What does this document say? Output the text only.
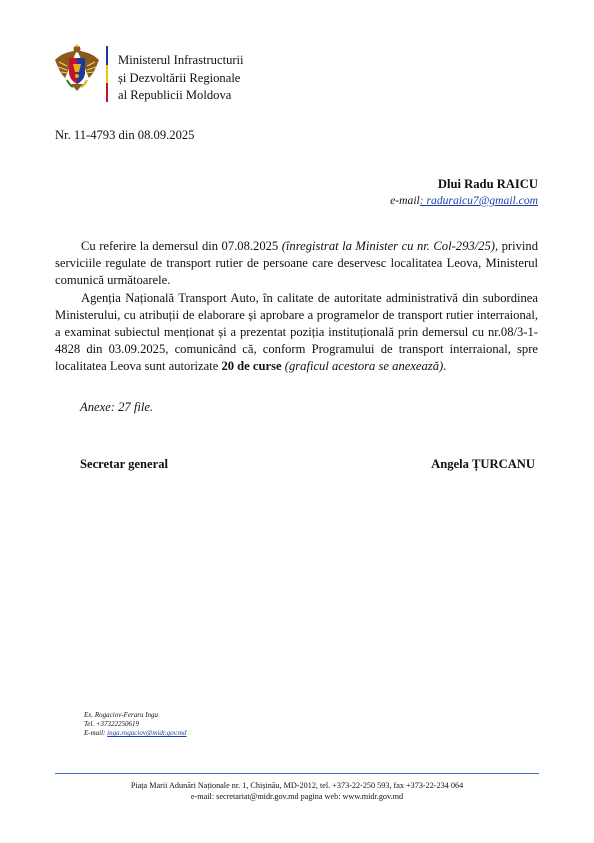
Ministerul Infrastructurii
și Dezvoltării Regionale
al Republicii Moldova
Nr. 11-4793 din 08.09.2025
Dlui Radu RAICU
e-mail: raduraicu7@gmail.com

Cu referire la demersul din 07.08.2025 (înregistrat la Minister cu nr. Col-293/25), privind serviciile regulate de transport rutier de persoane care deservesc localitatea Leova, Ministerul comunică următoarele.

Agenția Națională Transport Auto, în calitate de autoritate administrativă din subordinea Ministerului, cu atribuții de elaborare și aprobare a programelor de transport rutier interraional, a examinat subiectul menționat și a prezentat poziția instituțională prin demersul cu nr.08/3-1-4828 din 03.09.2025, comunicând că, conform Programului de transport interraional, spre localitatea Leova sunt autorizate 20 de curse (graficul acestora se anexează).

Anexe: 27 file.
Secretar general	Angela ȚURCANU
Ex. Rogaciov-Feraru Inga
Tel. +37322250619
E-mail: inga.rogaciov@midr.gov.md
Piața Marii Adunări Naționale nr. 1, Chișinău, MD-2012, tel. +373-22-250 593, fax +373-22-234 064
e-mail: secretariat@midr.gov.md pagina web: www.midr.gov.md
